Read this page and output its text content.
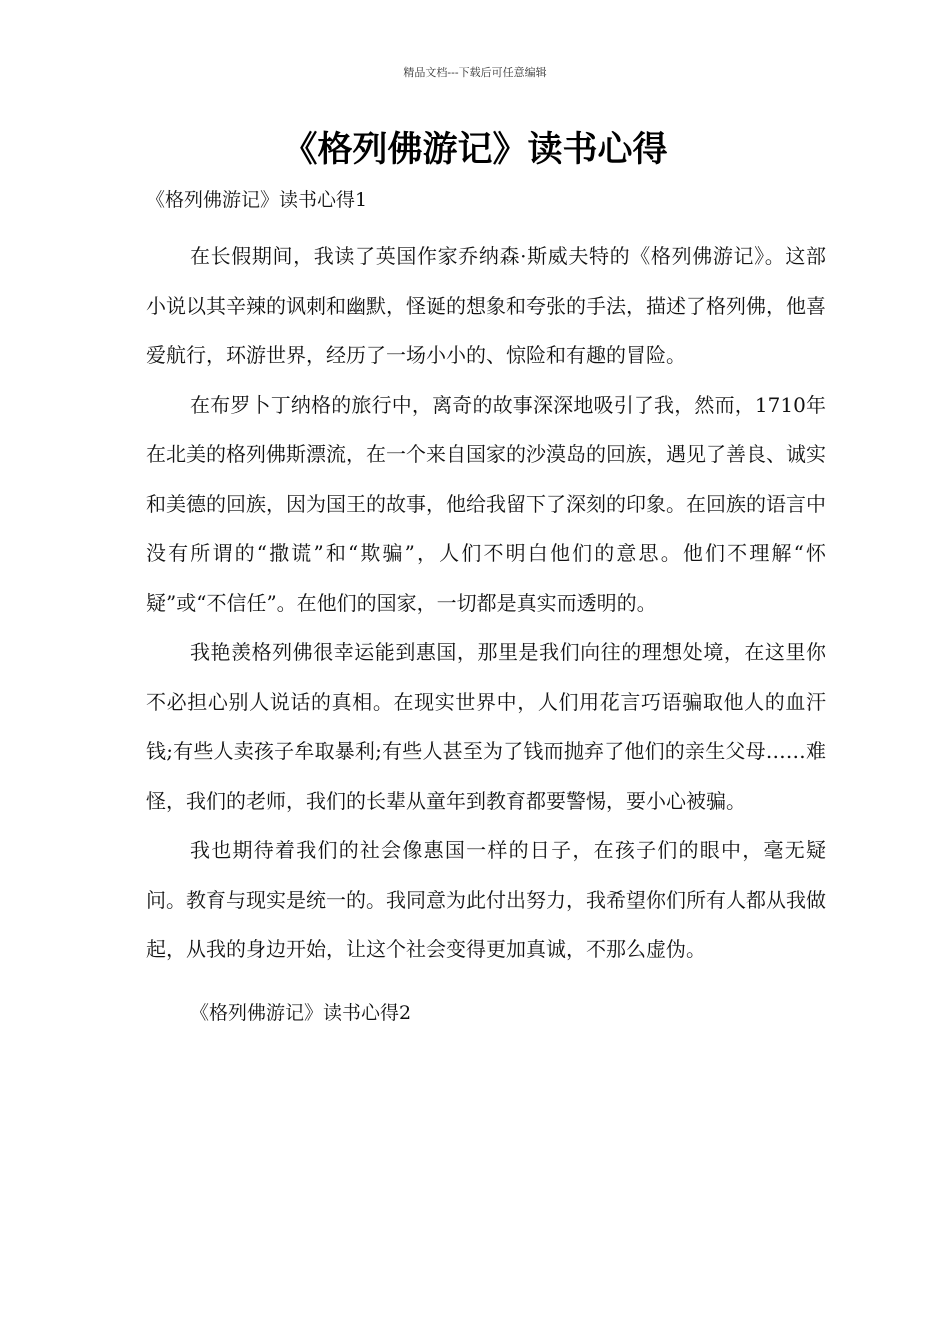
精品文档---下载后可任意编辑
《格列佛游记》读书心得
《格列佛游记》读书心得1

在长假期间，我读了英国作家乔纳森·斯威夫特的《格列佛游记》。这部小说以其辛辣的讽刺和幽默，怪诞的想象和夸张的手法，描述了格列佛，他喜爱航行，环游世界，经历了一场小小的、惊险和有趣的冒险。

在布罗卜丁纳格的旅行中，离奇的故事深深地吸引了我，然而，1710年在北美的格列佛斯漂流，在一个来自国家的沙漠岛的回族，遇见了善良、诚实和美德的回族，因为国王的故事，他给我留下了深刻的印象。在回族的语言中没有所谓的“撒谎”和“欺骗”，人们不明白他们的意思。他们不理解“怀疑”或“不信任”。在他们的国家，一切都是真实而透明的。

我艳羡格列佛很幸运能到惠国，那里是我们向往的理想处境，在这里你不必担心别人说话的真相。在现实世界中，人们用花言巧语骗取他人的血汗钱;有些人卖孩子牟取暴利;有些人甚至为了钱而抛弃了他们的亲生父母……难怪，我们的老师，我们的长辈从童年到教育都要警惕，要小心被骗。

我也期待着我们的社会像惠国一样的日子，在孩子们的眼中，毫无疑问。教育与现实是统一的。我同意为此付出努力，我希望你们所有人都从我做起，从我的身边开始，让这个社会变得更加真诚，不那么虚伪。

《格列佛游记》读书心得2
